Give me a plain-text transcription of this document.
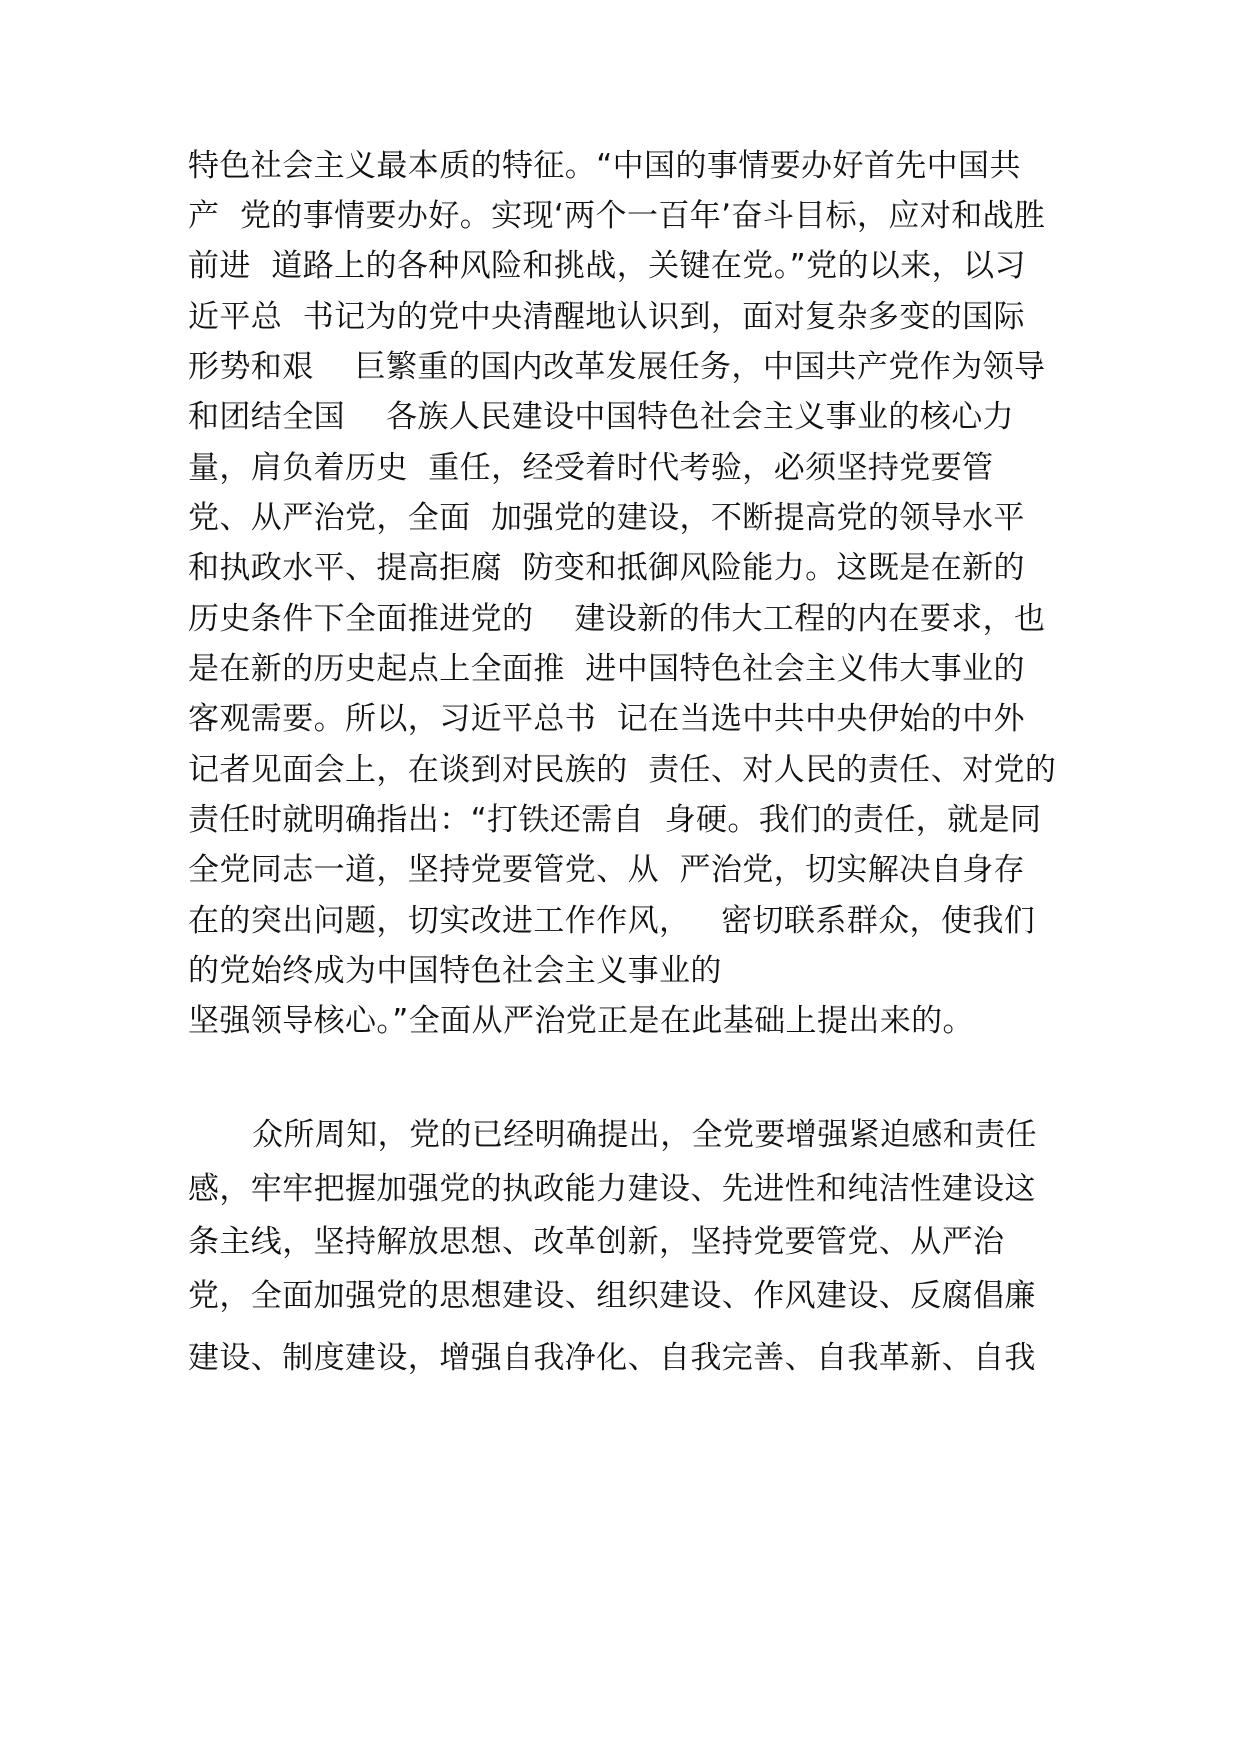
特色社会主义最本质的特征。“中国的事情要办好首先中国共
产  党的事情要办好。实现‘两个一百年’奋斗目标，应对和战胜
前进  道路上的各种风险和挑战，关键在党。”党的以来，以习
近平总  书记为的党中央清醒地认识到，面对复杂多变的国际
形势和艰    巨繁重的国内改革发展任务，中国共产党作为领导
和团结全国    各族人民建设中国特色社会主义事业的核心力
量，肩负着历史  重任，经受着时代考验，必须坚持党要管
党、从严治党，全面  加强党的建设，不断提高党的领导水平
和执政水平、提高拒腐  防变和抵御风险能力。这既是在新的
历史条件下全面推进党的    建设新的伟大工程的内在要求，也
是在新的历史起点上全面推  进中国特色社会主义伟大事业的
客观需要。所以，习近平总书  记在当选中共中央伊始的中外
记者见面会上，在谈到对民族的  责任、对人民的责任、对党的
责任时就明确指出：“打铁还需自  身硬。我们的责任，就是同
全党同志一道，坚持党要管党、从  严治党，切实解决自身存
在的突出问题，切实改进工作作风，   密切联系群众，使我们
的党始终成为中国特色社会主义事业的
坚强领导核心。”全面从严治党正是在此基础上提出来的。
众所周知，党的已经明确提出，全党要增强紧迫感和责任
感，牢牢把握加强党的执政能力建设、先进性和纯洁性建设这
条主线，坚持解放思想、改革创新，坚持党要管党、从严治
党，全面加强党的思想建设、组织建设、作风建设、反腐倡廉
建设、制度建设，增强自我净化、自我完善、自我革新、自我
